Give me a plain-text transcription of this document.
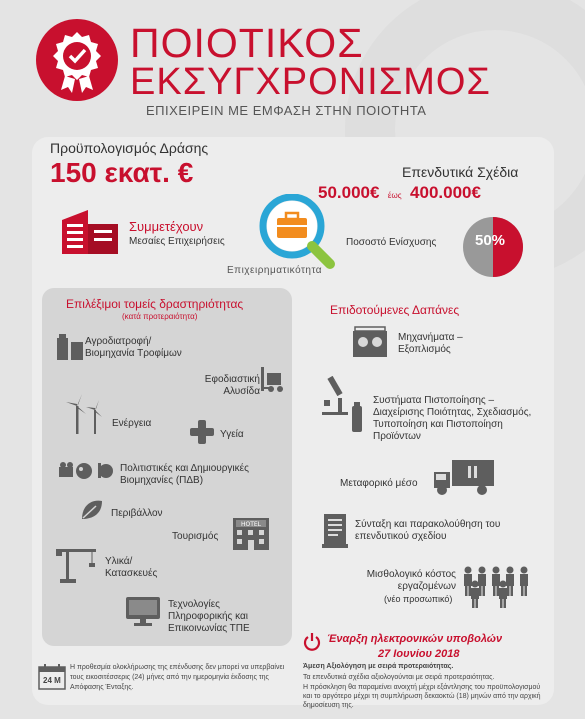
ΠΟΙΟΤΙΚΟΣ
ΕΚΣΥΓΧΡΟΝΙΣΜΟΣ
ΕΠΙΧΕΙΡΕΙΝ ΜΕ ΕΜΦΑΣΗ ΣΤΗΝ ΠΟΙΟΤΗΤΑ
Προϋπολογισμός Δράσης
150 εκατ. €	Επενδυτικά Σχέδια
50.000€ έως 400.000€
Συμμετέχουν
Μεσαίες Επιχειρήσεις
Επιχειρηματικότητα
Ποσοστό Ενίσχυσης	50%
Επιλέξιμοι τομείς δραστηριότητας
(κατά προτεραιότητα)
Αγροδιατροφή/ Βιομηχανία Τροφίμων
Εφοδιαστική Αλυσίδα
Ενέργεια
Υγεία
Πολιτιστικές και Δημιουργικές Βιομηχανίες (ΠΔΒ)
Περιβάλλον
Τουρισμός
HOTEL
Υλικά/ Κατασκευές
Τεχνολογίες Πληροφορικής και Επικοινωνίας ΤΠΕ
Επιδοτούμενες Δαπάνες
Μηχανήματα – Εξοπλισμός
Συστήματα Πιστοποίησης – Διαχείρισης Ποιότητας, Σχεδιασμός, Τυποποίηση και Πιστοποίηση Προϊόντων
Μεταφορικό μέσο
Σύνταξη και παρακολούθηση του επενδυτικού σχεδίου
Μισθολογικό κόστος εργαζομένων
(νέο προσωπικό)
24 Μ
Η προθεσμία ολοκλήρωσης της επένδυσης δεν μπορεί να υπερβαίνει τους εικοσιτέσσερις (24) μήνες από την ημερομηνία έκδοσης της Απόφασης Ένταξης.
Έναρξη ηλεκτρονικών υποβολών
27 Ιουνίου 2018
Άμεση Αξιολόγηση με σειρά προτεραιότητας.
Τα επενδυτικά σχέδια αξιολογούνται με σειρά προτεραιότητας.
Η πρόσκληση θα παραμείνει ανοιχτή μέχρι εξάντλησης του προϋπολογισμού και το αργότερο μέχρι τη συμπλήρωση δεκαοκτώ (18) μηνών από την αρχική δημοσίευση της.
